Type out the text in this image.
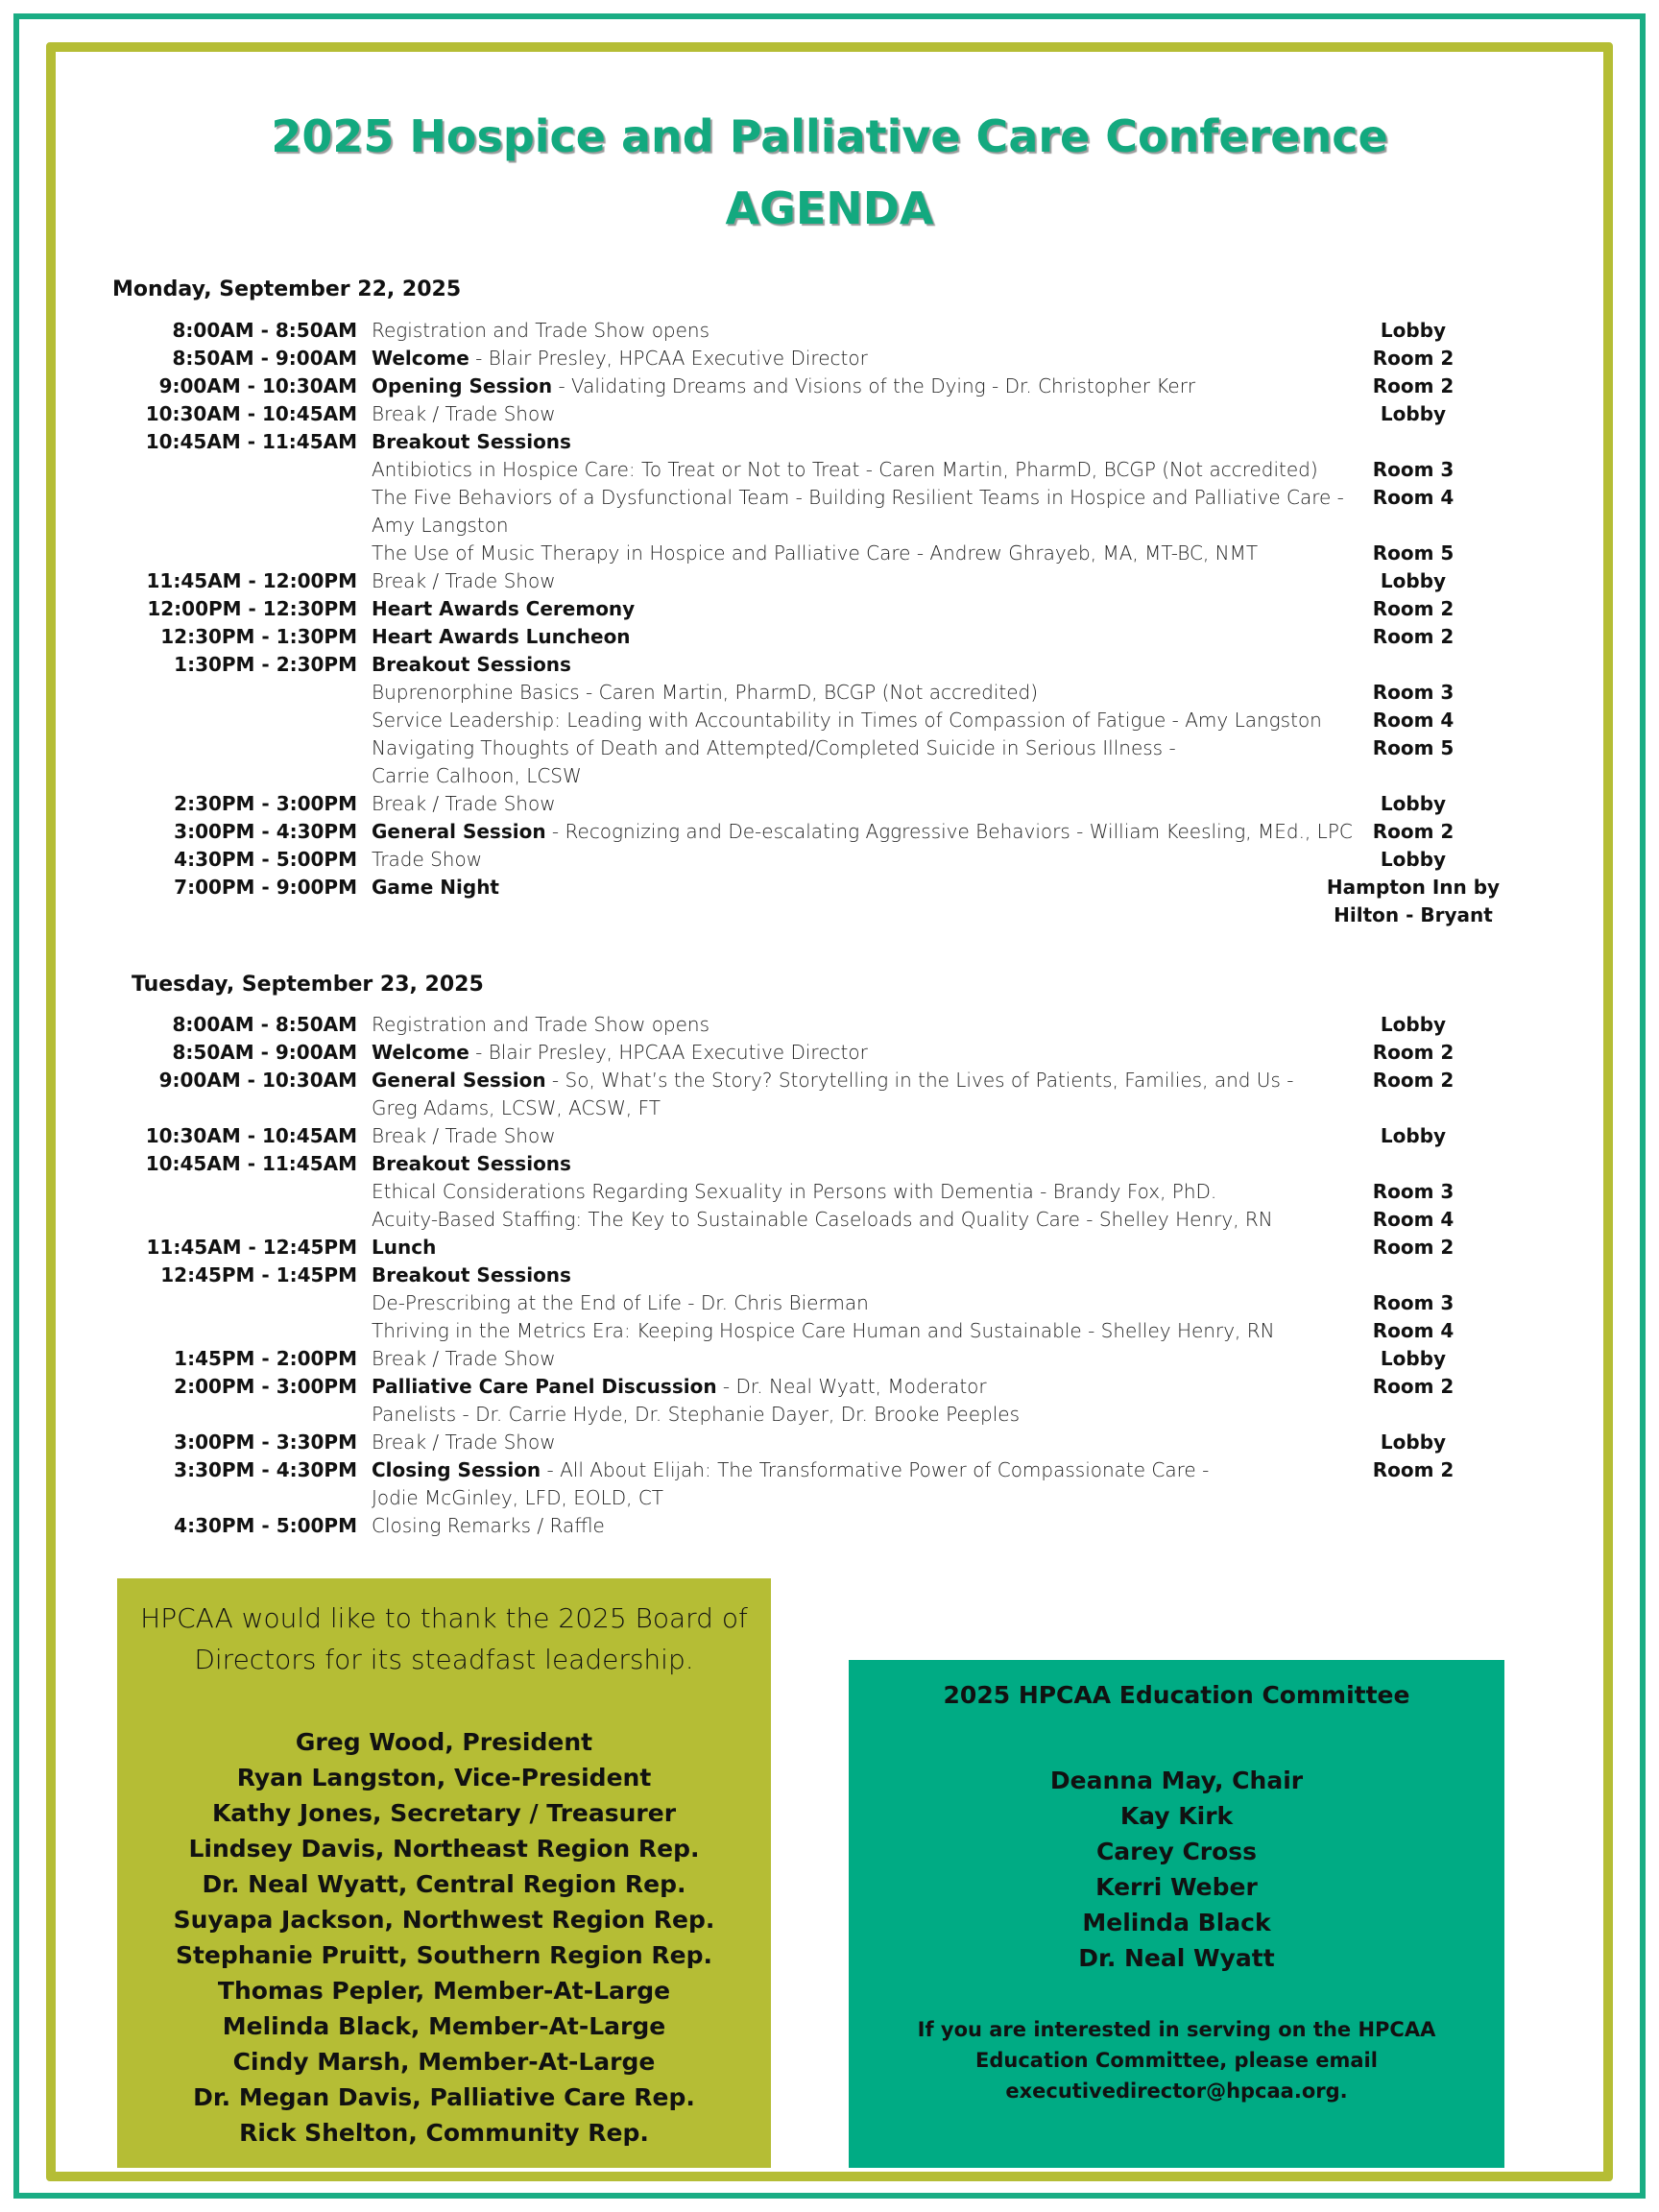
2025 Hospice and Palliative Care Conference
AGENDA
Monday, September 22, 2025
8:00AM - 8:50AM Registration and Trade Show opens	Lobby
8:50AM - 9:00AM Welcome - Blair Presley, HPCAA Executive Director	Room 2
9:00AM - 10:30AM Opening Session - Validating Dreams and Visions of the Dying - Dr. Christopher Kerr	Room 2
10:30AM - 10:45AM Break / Trade Show	Lobby
10:45AM - 11:45AM Breakout Sessions
Antibiotics in Hospice Care: To Treat or Not to Treat - Caren Martin, PharmD, BCGP (Not accredited)	Room 3
The Five Behaviors of a Dysfunctional Team - Building Resilient Teams in Hospice and Palliative Care -	Room 4
Amy Langston
The Use of Music Therapy in Hospice and Palliative Care - Andrew Ghrayeb, MA, MT-BC, NMT	Room 5
11:45AM - 12:00PM Break / Trade Show	Lobby
12:00PM - 12:30PM Heart Awards Ceremony	Room 2
12:30PM - 1:30PM Heart Awards Luncheon	Room 2
1:30PM - 2:30PM Breakout Sessions
Buprenorphine Basics - Caren Martin, PharmD, BCGP (Not accredited)	Room 3
Service Leadership: Leading with Accountability in Times of Compassion of Fatigue - Amy Langston	Room 4
Navigating Thoughts of Death and Attempted/Completed Suicide in Serious Illness -	Room 5
Carrie Calhoon, LCSW
2:30PM - 3:00PM Break / Trade Show	Lobby
3:00PM - 4:30PM General Session - Recognizing and De-escalating Aggressive Behaviors - William Keesling, MEd., LPC	Room 2
4:30PM - 5:00PM Trade Show	Lobby
7:00PM - 9:00PM Game Night	Hampton Inn by
Hilton - Bryant
Tuesday, September 23, 2025
8:00AM - 8:50AM Registration and Trade Show opens	Lobby
8:50AM - 9:00AM Welcome - Blair Presley, HPCAA Executive Director	Room 2
9:00AM - 10:30AM General Session - So, What’s the Story? Storytelling in the Lives of Patients, Families, and Us -	Room 2
Greg Adams, LCSW, ACSW, FT
10:30AM - 10:45AM Break / Trade Show	Lobby
10:45AM - 11:45AM Breakout Sessions
Ethical Considerations Regarding Sexuality in Persons with Dementia - Brandy Fox, PhD.	Room 3
Acuity-Based Staffing: The Key to Sustainable Caseloads and Quality Care - Shelley Henry, RN	Room 4
11:45AM - 12:45PM Lunch	Room 2
12:45PM - 1:45PM Breakout Sessions
De-Prescribing at the End of Life - Dr. Chris Bierman	Room 3
Thriving in the Metrics Era: Keeping Hospice Care Human and Sustainable - Shelley Henry, RN	Room 4
1:45PM - 2:00PM Break / Trade Show	Lobby
2:00PM - 3:00PM Palliative Care Panel Discussion - Dr. Neal Wyatt, Moderator	Room 2
Panelists - Dr. Carrie Hyde, Dr. Stephanie Dayer, Dr. Brooke Peeples
3:00PM - 3:30PM Break / Trade Show	Lobby
3:30PM - 4:30PM Closing Session - All About Elijah: The Transformative Power of Compassionate Care -	Room 2
Jodie McGinley, LFD, EOLD, CT
4:30PM - 5:00PM Closing Remarks / Raffle
HPCAA would like to thank the 2025 Board of
Directors for its steadfast leadership.
Greg Wood, President
Ryan Langston, Vice-President
Kathy Jones, Secretary / Treasurer
Lindsey Davis, Northeast Region Rep.
Dr. Neal Wyatt, Central Region Rep.
Suyapa Jackson, Northwest Region Rep.
Stephanie Pruitt, Southern Region Rep.
Thomas Pepler, Member-At-Large
Melinda Black, Member-At-Large
Cindy Marsh, Member-At-Large
Dr. Megan Davis, Palliative Care Rep.
Rick Shelton, Community Rep.
2025 HPCAA Education Committee
Deanna May, Chair
Kay Kirk
Carey Cross
Kerri Weber
Melinda Black
Dr. Neal Wyatt
If you are interested in serving on the HPCAA
Education Committee, please email
executivedirector@hpcaa.org.
